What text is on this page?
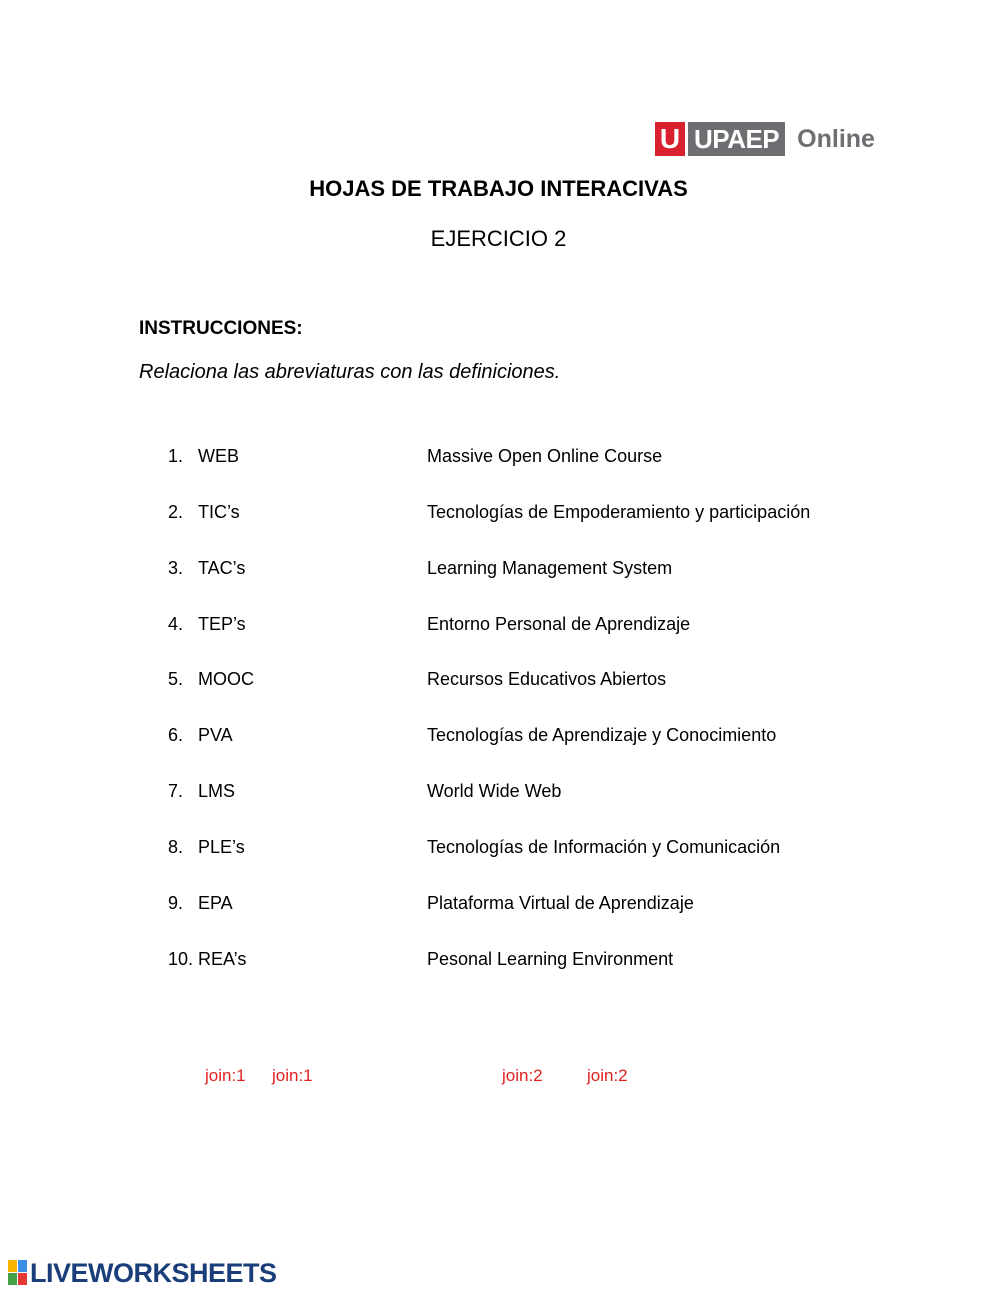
U UPAEP Online
HOJAS DE TRABAJO INTERACIVAS
EJERCICIO 2
INSTRUCCIONES:
Relaciona las abreviaturas con las definiciones.
1. WEB	Massive Open Online Course
2. TIC’s	Tecnologías de Empoderamiento y participación
3. TAC’s	Learning Management System
4. TEP’s	Entorno Personal de Aprendizaje
5. MOOC	Recursos Educativos Abiertos
6. PVA	Tecnologías de Aprendizaje y Conocimiento
7. LMS	World Wide Web
8. PLE’s	Tecnologías de Información y Comunicación
9. EPA	Plataforma Virtual de Aprendizaje
10. REA’s	Pesonal Learning Environment
join:1 join:1	join:2	join:2
LIVEWORKSHEETS
